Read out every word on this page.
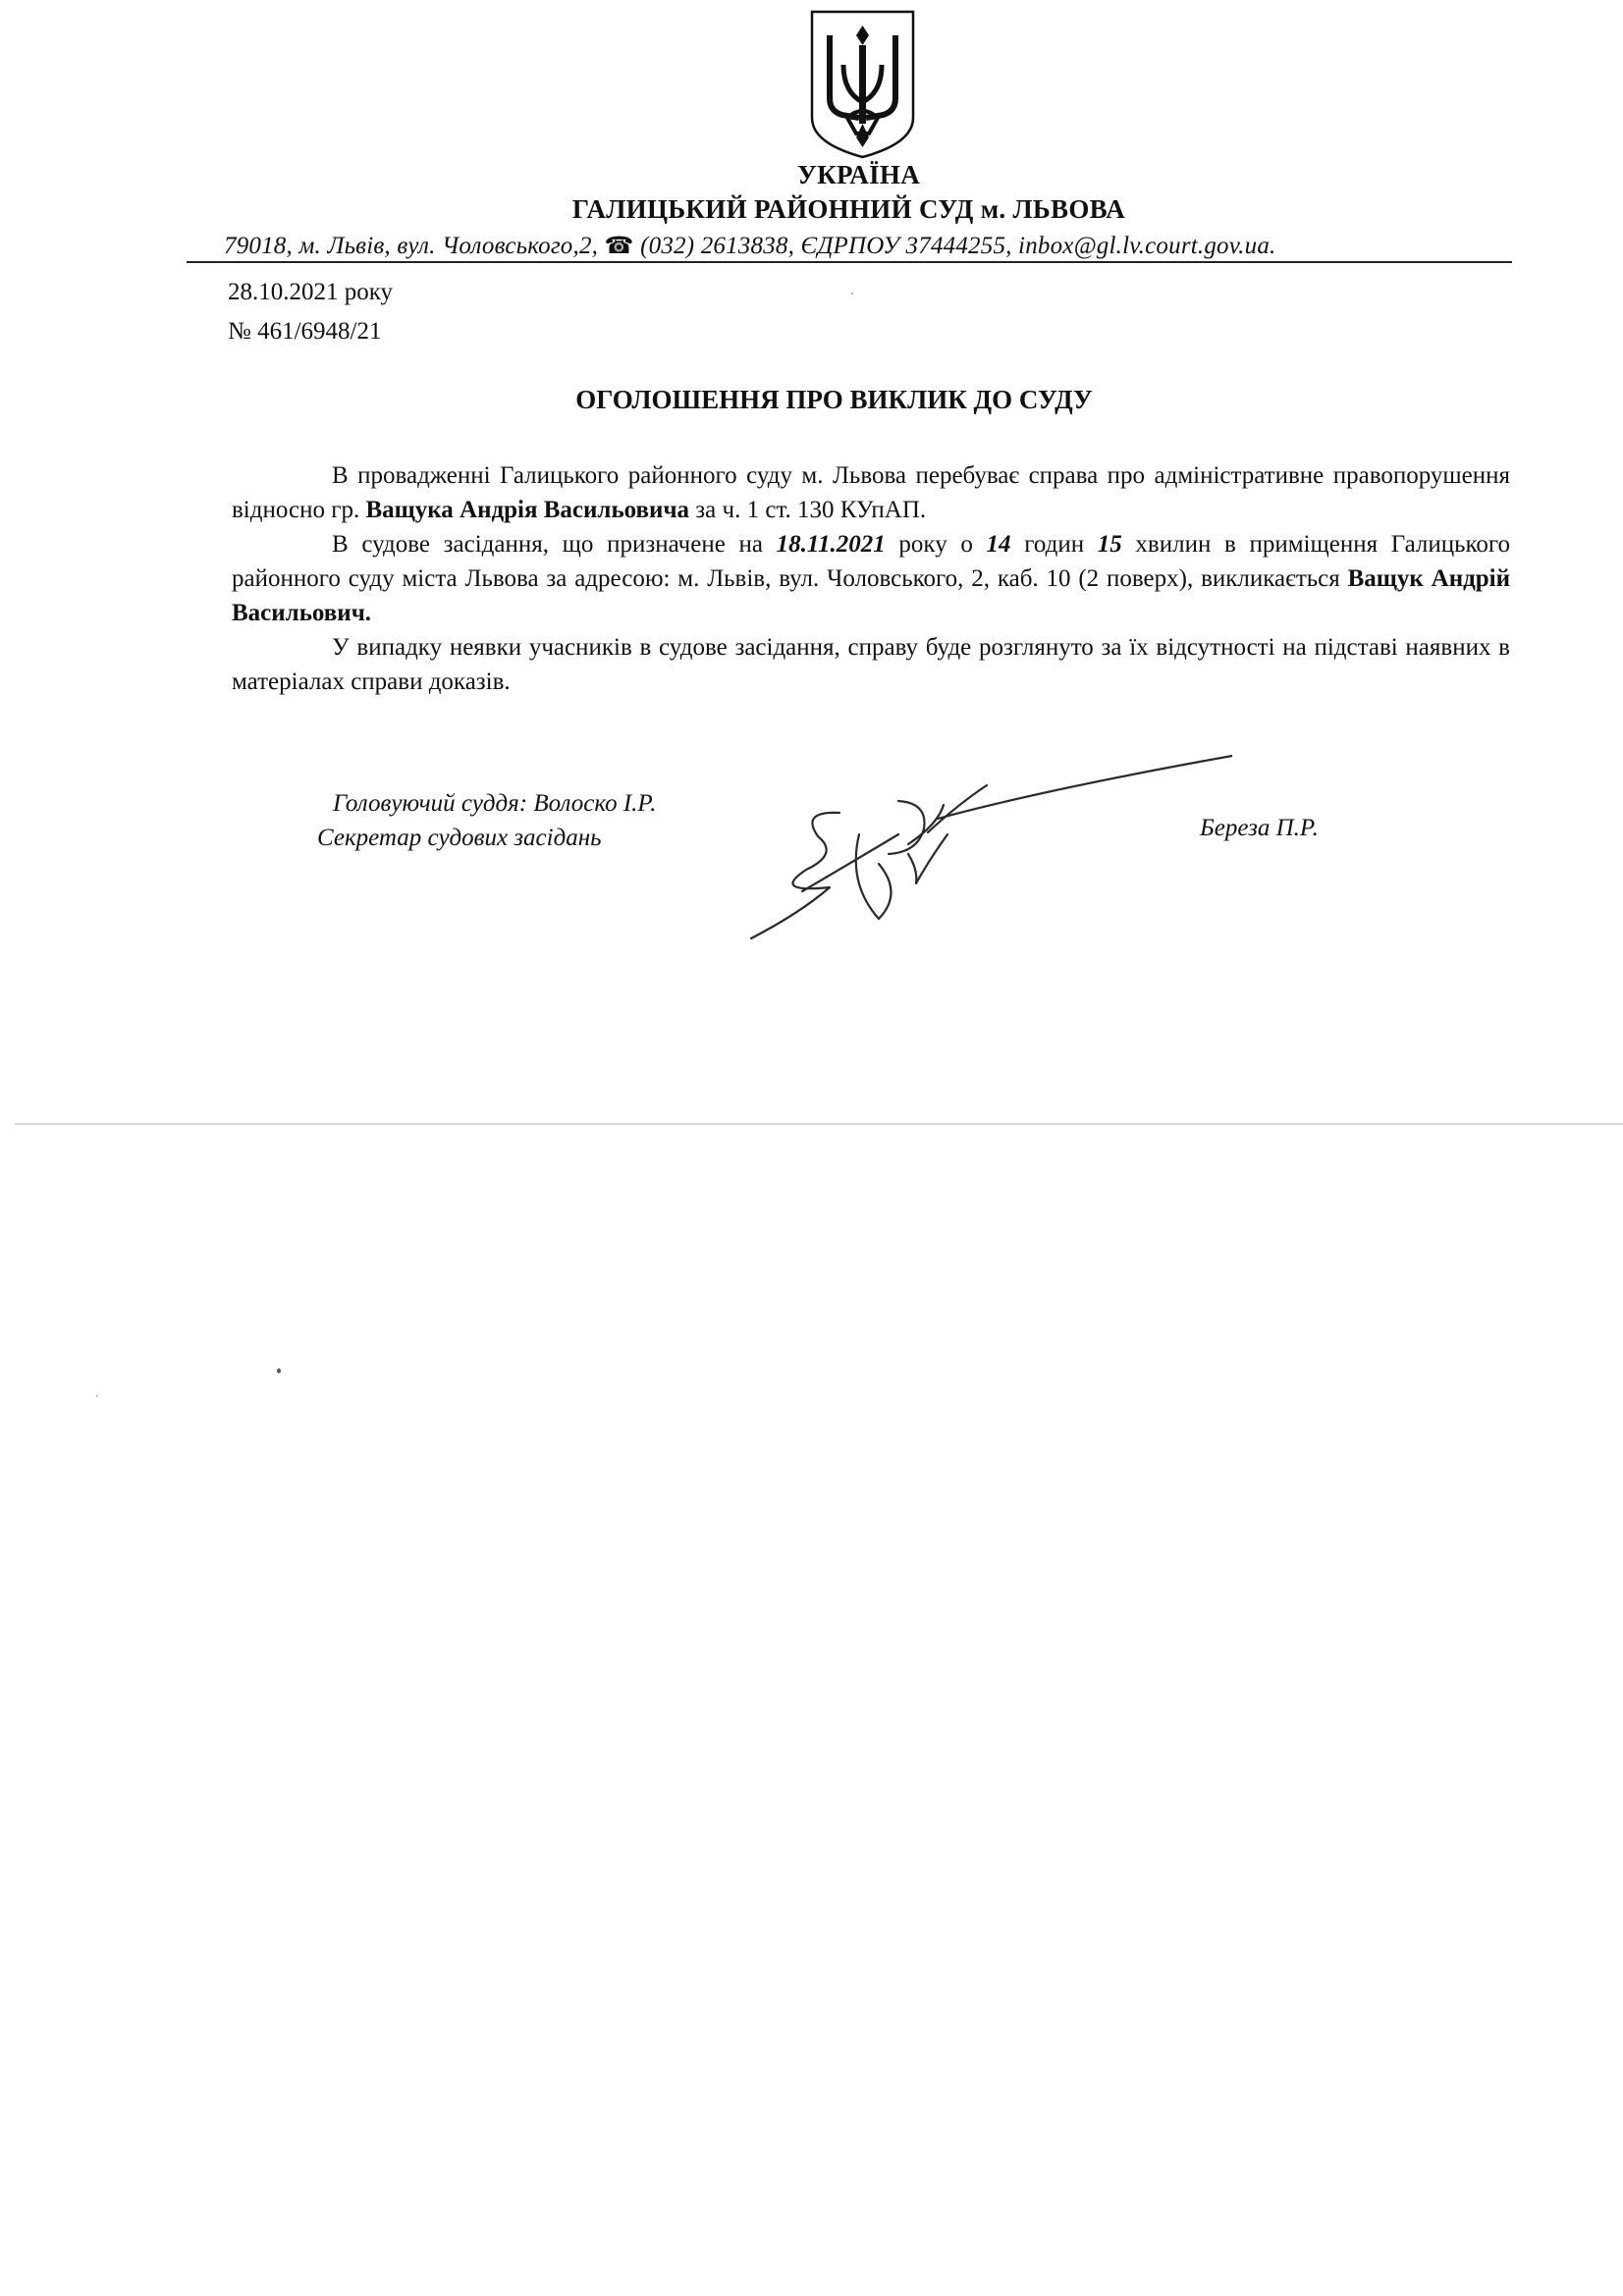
УКРАЇНА
ГАЛИЦЬКИЙ РАЙОННИЙ СУД м. ЛЬВОВА
79018, м. Львів, вул. Чоловського,2, ☎ (032) 2613838, ЄДРПОУ 37444255, inbox@gl.lv.court.gov.ua.
28.10.2021 року
№ 461/6948/21
ОГОЛОШЕННЯ ПРО ВИКЛИК ДО СУДУ

В провадженні Галицького районного суду м. Львова перебуває справа про адміністративне правопорушення відносно гр. Ващука Андрія Васильовича за ч. 1 ст. 130 КУпАП.

В судове засідання, що призначене на 18.11.2021 року о 14 годин 15 хвилин в приміщення Галицького районного суду міста Львова за адресою: м. Львів, вул. Чоловського, 2, каб. 10 (2 поверх), викликається Ващук Андрій Васильович.

У випадку неявки учасників в судове засідання, справу буде розглянуто за їх відсутності на підставі наявних в матеріалах справи доказів.

Головуючий суддя: Волоско І.Р.
Секретар судових засідань	Береза П.Р.
